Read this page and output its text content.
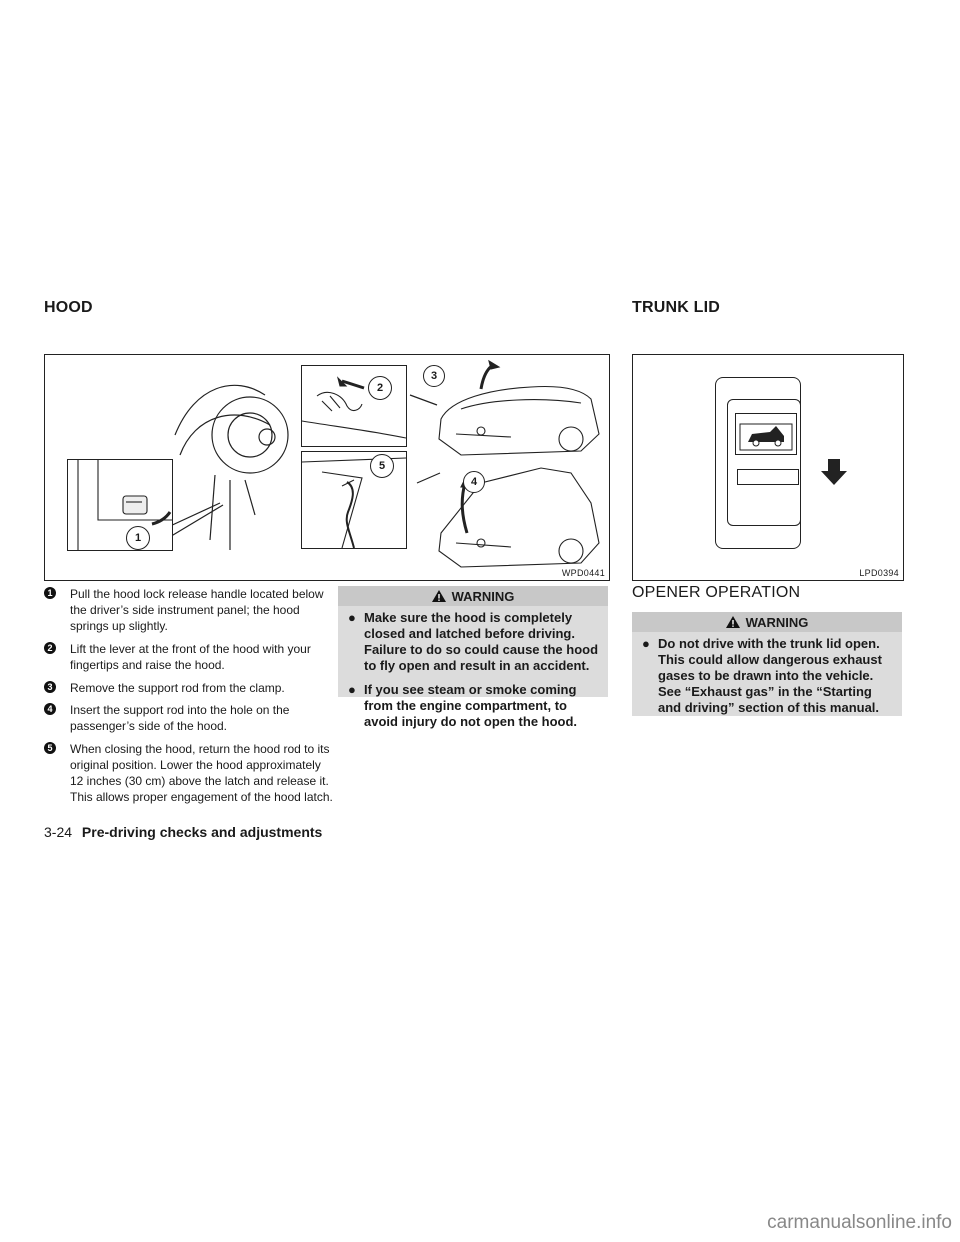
HOOD	TRUNK LID
1
2
5
3
4
WPD0441	LPD0394
1 Pull the hood lock release handle located below the driver’s side instrument panel; the hood springs up slightly.
2 Lift the lever at the front of the hood with your fingertips and raise the hood.
3 Remove the support rod from the clamp.
4 Insert the support rod into the hole on the passenger’s side of the hood.
5 When closing the hood, return the hood rod to its original position. Lower the hood approximately 12 inches (30 cm) above the latch and release it. This allows proper engagement of the hood latch.
WARNING
● Make sure the hood is completely closed and latched before driving. Failure to do so could cause the hood to fly open and result in an accident.
● If you see steam or smoke coming from the engine compartment, to avoid injury do not open the hood.
OPENER OPERATION
WARNING
● Do not drive with the trunk lid open. This could allow dangerous exhaust gases to be drawn into the vehicle. See “Exhaust gas” in the “Starting and driving” section of this manual.
3-24 Pre-driving checks and adjustments
carmanualsonline.info
